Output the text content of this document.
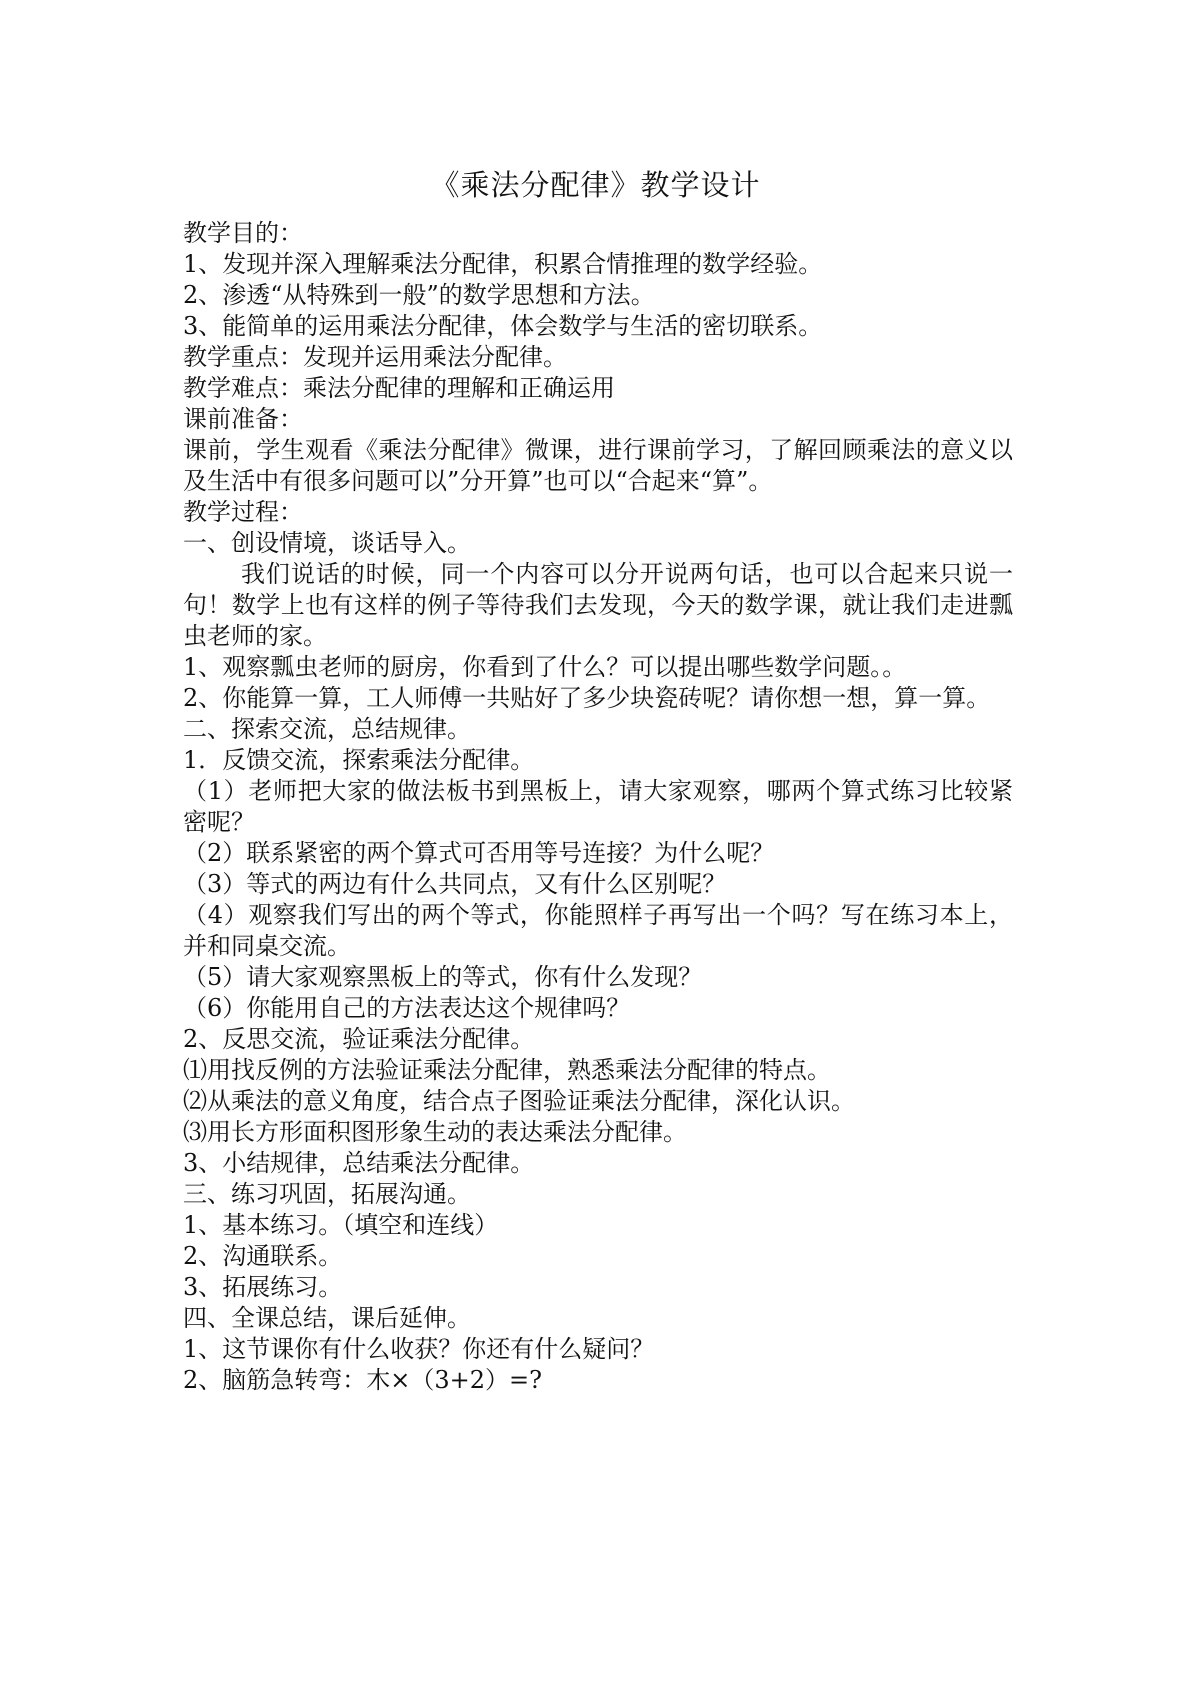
《乘法分配律》教学设计

教学目的：

1、发现并深入理解乘法分配律，积累合情推理的数学经验。

2、渗透“从特殊到一般”的数学思想和方法。

3、能简单的运用乘法分配律，体会数学与生活的密切联系。

教学重点：发现并运用乘法分配律。

教学难点：乘法分配律的理解和正确运用

课前准备：

课前，学生观看《乘法分配律》微课，进行课前学习，了解回顾乘法的意义以及生活中有很多问题可以”分开算”也可以“合起来“算”。

教学过程：

一、创设情境，谈话导入。

我们说话的时候，同一个内容可以分开说两句话，也可以合起来只说一句！数学上也有这样的例子等待我们去发现，今天的数学课，就让我们走进瓢虫老师的家。

1、观察瓢虫老师的厨房，你看到了什么？可以提出哪些数学问题。。

2、你能算一算，工人师傅一共贴好了多少块瓷砖呢？请你想一想，算一算。

二、探索交流，总结规律。

1．反馈交流，探索乘法分配律。

（1）老师把大家的做法板书到黑板上，请大家观察，哪两个算式练习比较紧密呢？

（2）联系紧密的两个算式可否用等号连接？为什么呢？

（3）等式的两边有什么共同点，又有什么区别呢？

（4）观察我们写出的两个等式，你能照样子再写出一个吗？写在练习本上，并和同桌交流。

（5）请大家观察黑板上的等式，你有什么发现？

（6）你能用自己的方法表达这个规律吗？

2、反思交流，验证乘法分配律。

⑴用找反例的方法验证乘法分配律，熟悉乘法分配律的特点。

⑵从乘法的意义角度，结合点子图验证乘法分配律，深化认识。

⑶用长方形面积图形象生动的表达乘法分配律。

3、小结规律，总结乘法分配律。

三、练习巩固，拓展沟通。

1、基本练习。（填空和连线）

2、沟通联系。

3、拓展练习。

四、全课总结，课后延伸。

1、这节课你有什么收获？你还有什么疑问？

2、脑筋急转弯：木×（3+2）=?
